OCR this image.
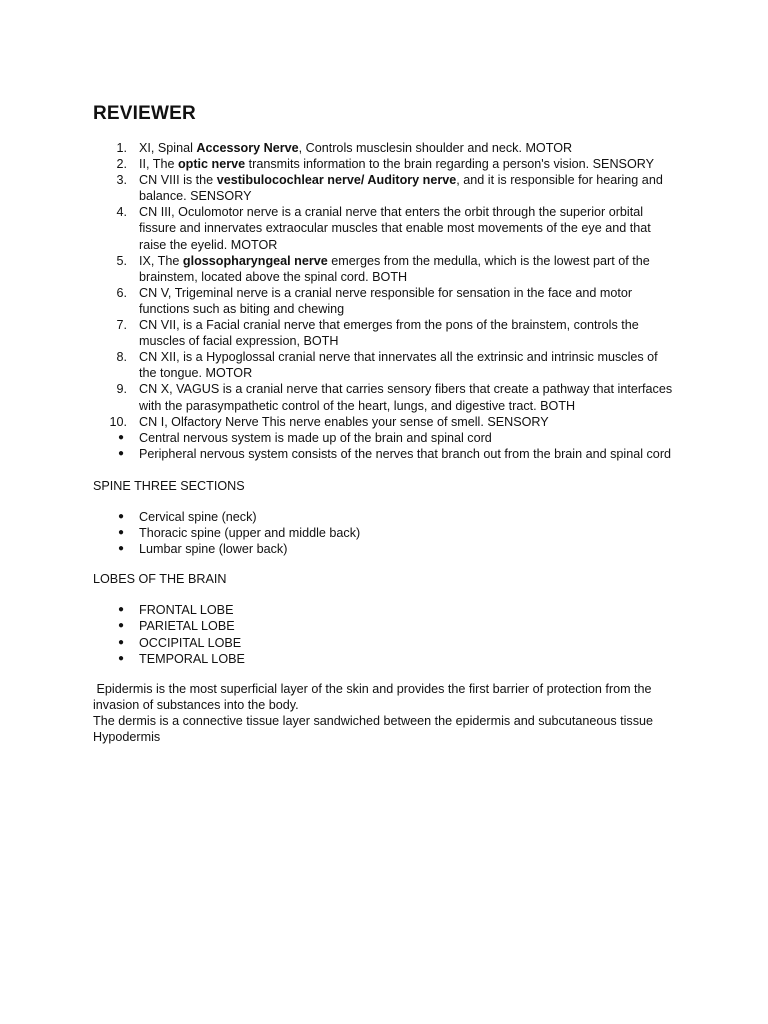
REVIEWER
1. XI, Spinal Accessory Nerve, Controls musclesin shoulder and neck. MOTOR
2. II, The optic nerve transmits information to the brain regarding a person's vision. SENSORY
3. CN VIII is the vestibulocochlear nerve/ Auditory nerve, and it is responsible for hearing and balance. SENSORY
4. CN III, Oculomotor nerve is a cranial nerve that enters the orbit through the superior orbital fissure and innervates extraocular muscles that enable most movements of the eye and that raise the eyelid. MOTOR
5. IX, The glossopharyngeal nerve emerges from the medulla, which is the lowest part of the brainstem, located above the spinal cord. BOTH
6. CN V, Trigeminal nerve is a cranial nerve responsible for sensation in the face and motor functions such as biting and chewing
7. CN VII, is a Facial cranial nerve that emerges from the pons of the brainstem, controls the muscles of facial expression, BOTH
8. CN XII, is a Hypoglossal cranial nerve that innervates all the extrinsic and intrinsic muscles of the tongue. MOTOR
9. CN X, VAGUS is a cranial nerve that carries sensory fibers that create a pathway that interfaces with the parasympathetic control of the heart, lungs, and digestive tract. BOTH
10. CN I, Olfactory Nerve This nerve enables your sense of smell. SENSORY
● Central nervous system is made up of the brain and spinal cord
● Peripheral nervous system consists of the nerves that branch out from the brain and spinal cord

SPINE THREE SECTIONS

● Cervical spine (neck)
● Thoracic spine (upper and middle back)
● Lumbar spine (lower back)

LOBES OF THE BRAIN

● FRONTAL LOBE
● PARIETAL LOBE
● OCCIPITAL LOBE
● TEMPORAL LOBE

Epidermis is the most superficial layer of the skin and provides the first barrier of protection from the invasion of substances into the body.

The dermis is a connective tissue layer sandwiched between the epidermis and subcutaneous tissue

Hypodermis
